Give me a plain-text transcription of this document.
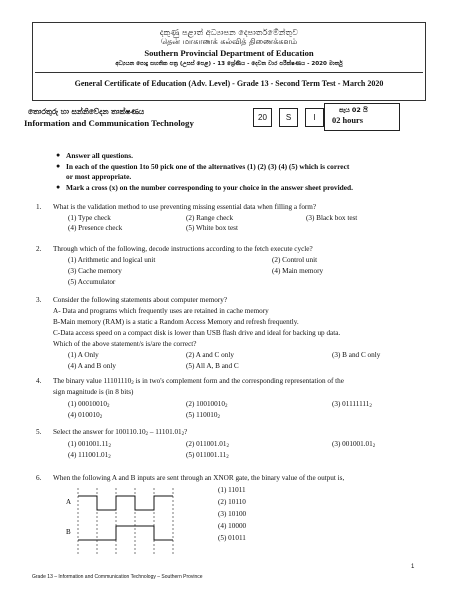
දකුණු පළාත් අධ්‍යාපන දෙපාර්තමේන්තුව
தென் மாகாணக் கல்வித் திணைக்களம்
Southern Provincial Department of Education
අධ්‍යයන පොදු සහතික පත්‍ර (උසස් පෙළ) - 13 ශ්‍රේණිය - දෙවන වාර පරීක්ෂණය - 2020 මාර්තු
General Certificate of Education (Adv. Level) - Grade 13 - Second Term Test - March 2020
තොරතුරු හා සන්නිවේදන තාක්ෂණය
Information and Communication Technology
20	S	I
පැය 02 යි
02 hours
● Answer all questions.
● In each of the question 1to 50 pick one of the alternatives (1) (2) (3) (4) (5) which is correct
or most appropriate.
● Mark a cross (x) on the number corresponding to your choice in the answer sheet provided.
1. What is the validation method to use preventing missing essential data when filling a form?
(1) Type check	(2) Range check	(3) Black box test
(4) Presence check	(5) White box test
2. Through which of the following, decode instructions according to the fetch execute cycle?
(1) Arithmetic and logical unit	(2) Control unit
(3) Cache memory	(4) Main memory
(5) Accumulator
3. Consider the following statements about computer memory?
A- Data and programs which frequently uses are retained in cache memory
B-Main memory (RAM) is a static a Random Access Memory and refresh frequently.
C-Data access speed on a compact disk is lower than USB flash drive and ideal for backing up data.
Which of the above statement/s is/are the correct?
(1) A Only	(2) A and C only	(3) B and C only
(4) A and B only	(5) All A, B and C
4. The binary value $11101110_2$ is in two's complement form and the corresponding representation of the
sign magnitude is (in 8 bits)
(1) $00010010_2$	(2) $10010010_2$	(3) $01111111_2$
(4) $010010_2$	(5) $110010_2$
5. Select the answer for $100110.10_2 - 11101.01_2$?
(1) $001001.11_2$	(2) $011001.01_2$	(3) $001001.01_2$
(4) $111001.01_2$	(5) $011001.11_2$
6. When the following A and B inputs are sent through an XNOR gate, the binary value of the output is,
A
B
(1) 11011
(2) 10110
(3) 10100
(4) 10000
(5) 01011
1
Grade 13 – Information and Communication Technology – Southern Province
